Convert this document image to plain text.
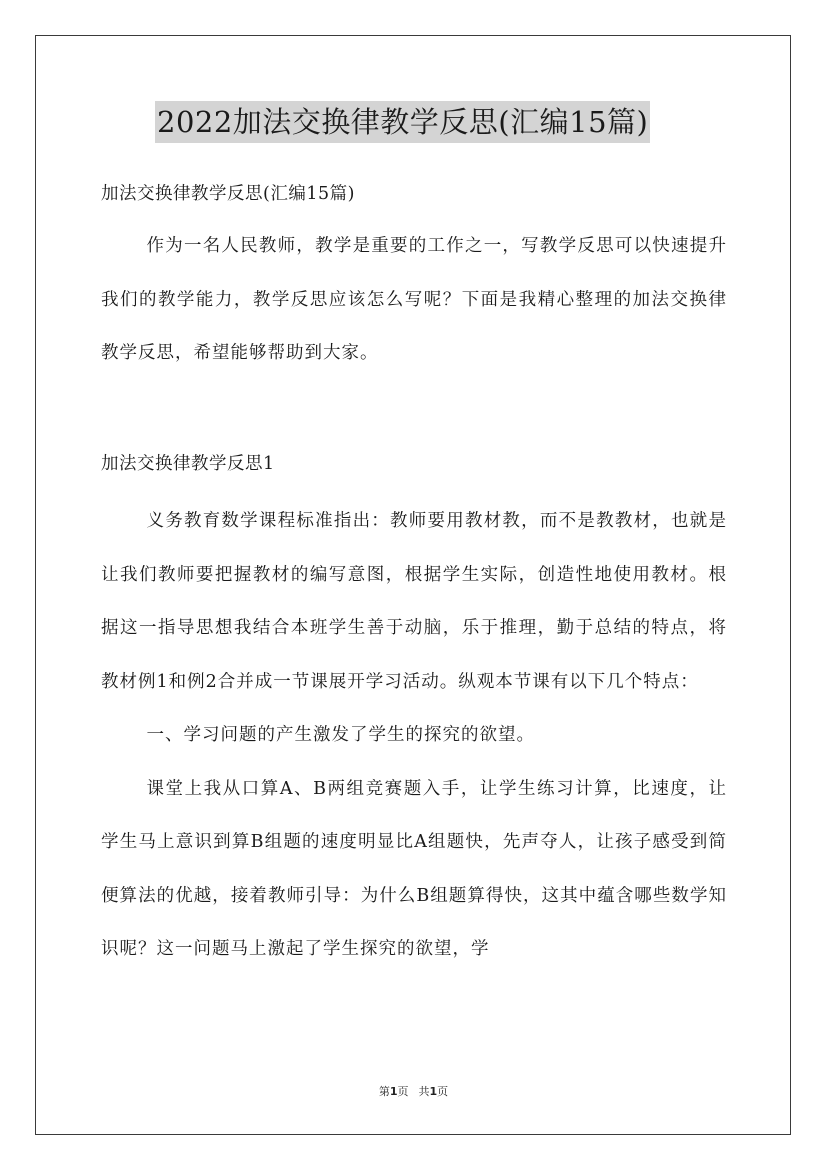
2022加法交换律教学反思(汇编15篇)
加法交换律教学反思(汇编15篇)

作为一名人民教师，教学是重要的工作之一，写教学反思可以快速提升我们的教学能力，教学反思应该怎么写呢？下面是我精心整理的加法交换律教学反思，希望能够帮助到大家。

加法交换律教学反思1

义务教育数学课程标准指出：教师要用教材教，而不是教教材，也就是让我们教师要把握教材的编写意图，根据学生实际，创造性地使用教材。根据这一指导思想我结合本班学生善于动脑，乐于推理，勤于总结的特点，将教材例1和例2合并成一节课展开学习活动。纵观本节课有以下几个特点：

一、学习问题的产生激发了学生的探究的欲望。

课堂上我从口算A、B两组竞赛题入手，让学生练习计算，比速度，让学生马上意识到算B组题的速度明显比A组题快，先声夺人，让孩子感受到简便算法的优越，接着教师引导：为什么B组题算得快，这其中蕴含哪些数学知识呢？这一问题马上激起了学生探究的欲望，学

第1页 共1页
